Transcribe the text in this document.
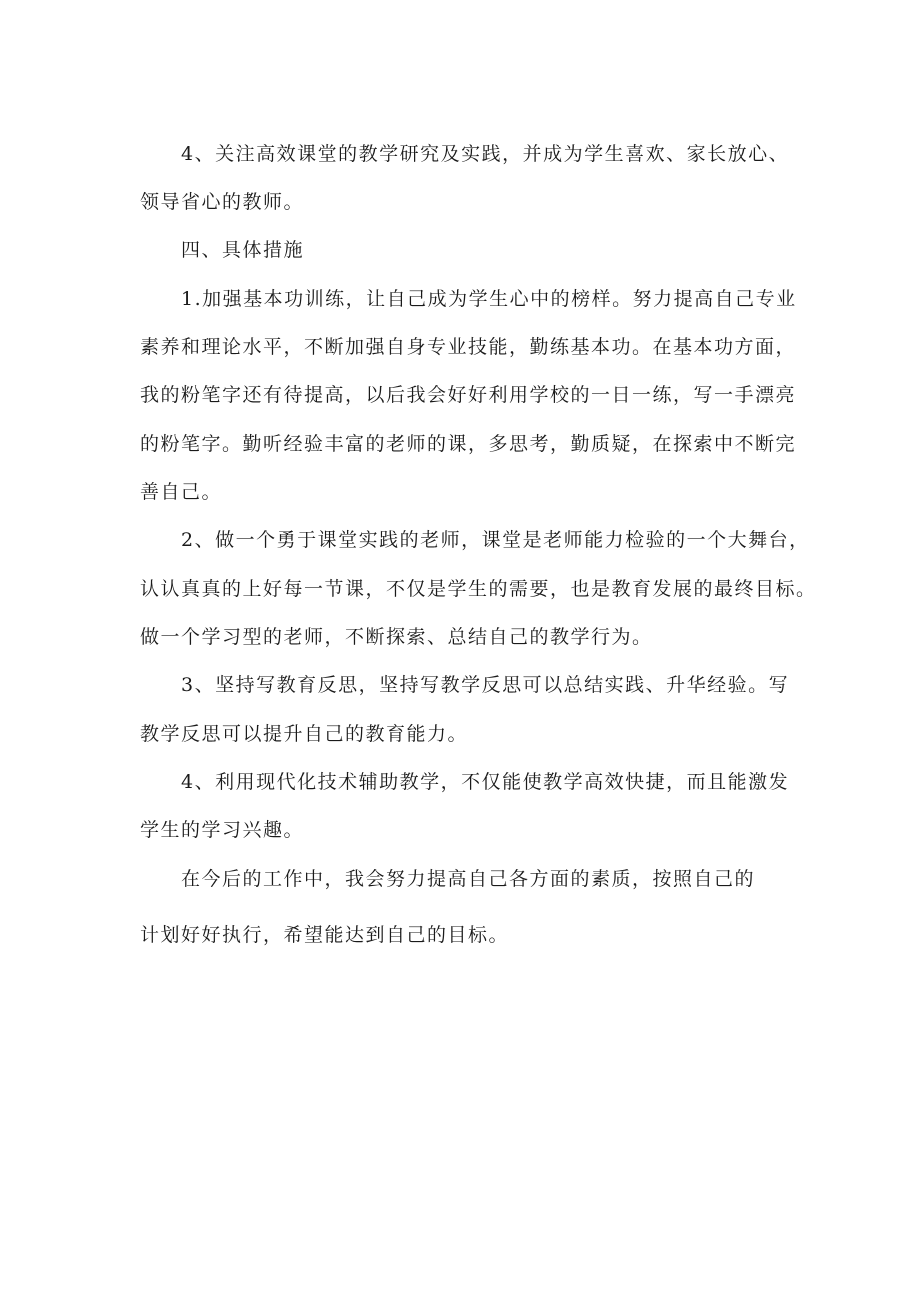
4、关注高效课堂的教学研究及实践，并成为学生喜欢、家长放心、
领导省心的教师。
四、具体措施
1.加强基本功训练，让自己成为学生心中的榜样。努力提高自己专业
素养和理论水平，不断加强自身专业技能，勤练基本功。在基本功方面，
我的粉笔字还有待提高，以后我会好好利用学校的一日一练，写一手漂亮
的粉笔字。勤听经验丰富的老师的课，多思考，勤质疑，在探索中不断完
善自己。
2、做一个勇于课堂实践的老师，课堂是老师能力检验的一个大舞台，
认认真真的上好每一节课，不仅是学生的需要，也是教育发展的最终目标。
做一个学习型的老师，不断探索、总结自己的教学行为。
3、坚持写教育反思，坚持写教学反思可以总结实践、升华经验。写
教学反思可以提升自己的教育能力。
4、利用现代化技术辅助教学，不仅能使教学高效快捷，而且能激发
学生的学习兴趣。
在今后的工作中，我会努力提高自己各方面的素质，按照自己的
计划好好执行，希望能达到自己的目标。
